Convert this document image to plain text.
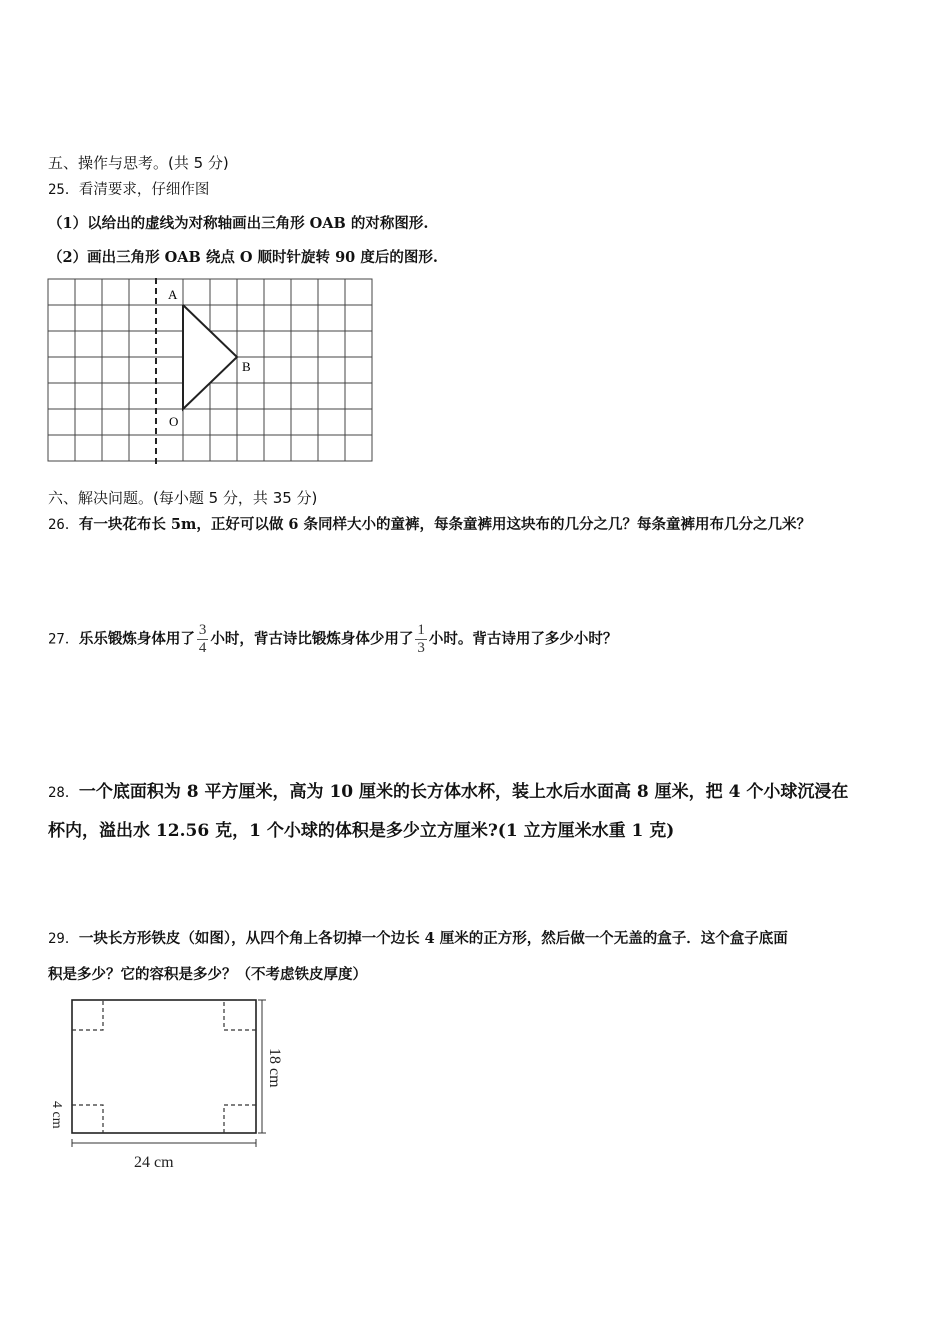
五、操作与思考。(共 5 分)
25．看清要求，仔细作图
（1）以给出的虚线为对称轴画出三角形 OAB 的对称图形.
（2）画出三角形 OAB 绕点 O 顺时针旋转 90 度后的图形.
A
B
O
六、解决问题。(每小题 5 分，共 35 分)
26．有一块花布长 5m，正好可以做 6 条同样大小的童裤，每条童裤用这块布的几分之几？每条童裤用布几分之几米？
27．乐乐锻炼身体用了 $\frac{3}{4}$ 小时，背古诗比锻炼身体少用了 $\frac{1}{3}$ 小时。背古诗用了多少小时？
28．一个底面积为 8 平方厘米，高为 10 厘米的长方体水杯，装上水后水面高 8 厘米，把 4 个小球沉浸在
杯内，溢出水 12.56 克，1 个小球的体积是多少立方厘米?(1 立方厘米水重 1 克)
29．一块长方形铁皮（如图），从四个角上各切掉一个边长 4 厘米的正方形，然后做一个无盖的盒子．这个盒子底面
积是多少？它的容积是多少？（不考虑铁皮厚度）
24 cm
18 cm
4 cm
